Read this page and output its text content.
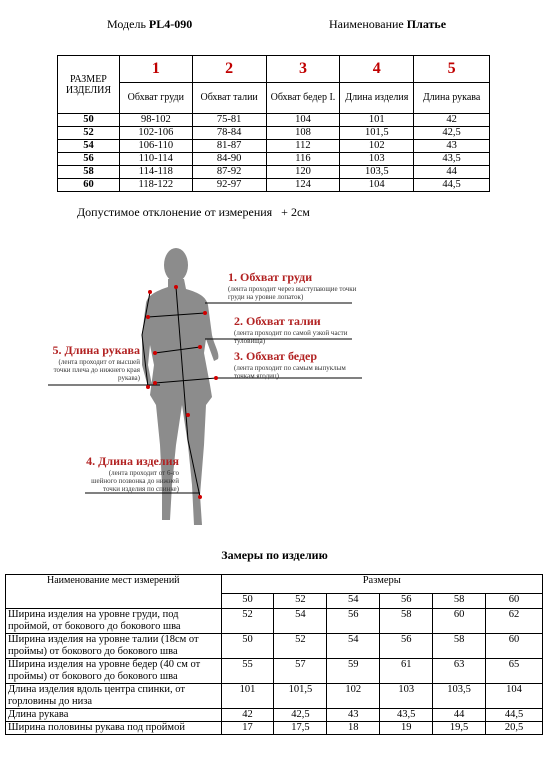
Модель PL4-090	Наименование Платье
РАЗМЕР ИЗДЕЛИЯ	1	2	3	4	5
	Обхват груди	Обхват талии	Обхват бедер I.	Длина изделия	Длина рукава
50	98-102	75-81	104	101	42
52	102-106	78-84	108	101,5	42,5
54	106-110	81-87	112	102	43
56	110-114	84-90	116	103	43,5
58	114-118	87-92	120	103,5	44
60	118-122	92-97	124	104	44,5
Допустимое отклонение от измерения   + 2см
1. Обхват груди
(лента проходит через выступающие точки груди на уровне лопаток)
2. Обхват талии
(лента проходит по самой узкой части туловища)
3. Обхват бедер
(лента проходит по самым выпуклым точкам ягодиц)
5. Длина рукава
(лента проходит от высшей точки плеча до нижнего края рукава)
4. Длина изделия
(лента проходит от 6-го шейного позвонка до нижней точки изделия по спинке)
Замеры по изделию
Наименование мест измерений	Размеры					
	50	52	54	56	58	60
Ширина изделия на уровне груди, под проймой, от бокового до бокового шва	52	54	56	58	60	62
Ширина изделия на уровне талии (18см от проймы) от бокового до бокового шва	50	52	54	56	58	60
Ширина изделия на уровне бедер (40 см от проймы) от бокового до бокового шва	55	57	59	61	63	65
Длина изделия вдоль центра спинки, от горловины до низа	101	101,5	102	103	103,5	104
Длина рукава	42	42,5	43	43,5	44	44,5
Ширина половины рукава под проймой	17	17,5	18	19	19,5	20,5
